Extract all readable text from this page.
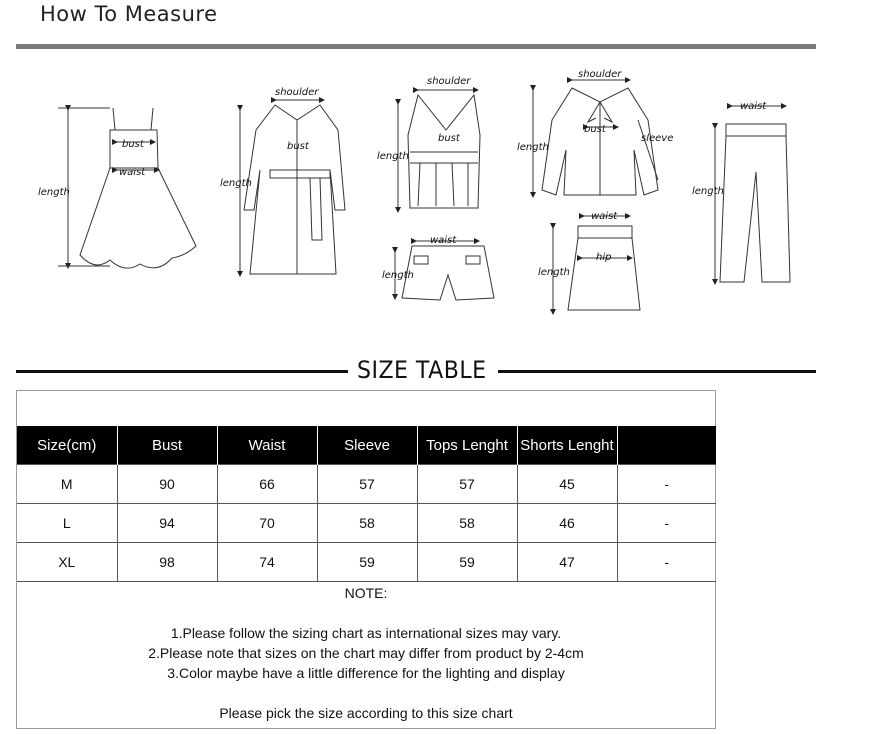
How To Measure
length
bust
waist
shoulder
bust
length
shoulder
bust
length
waist
length
shoulder
bust
sleeve
length
waist
hip
length
waist
length
SIZE TABLE
Size(cm)	Bust	Waist	Sleeve	Tops Lenght	Shorts Lenght	
M	90	66	57	57	45	-
L	94	70	58	58	46	-
XL	98	74	59	59	47	-
NOTE:
1.Please follow the sizing chart as international sizes may vary.
2.Please note that sizes on the chart may differ from product by 2-4cm
3.Color maybe have a little difference for the lighting and display
Please pick the size according to this size chart
